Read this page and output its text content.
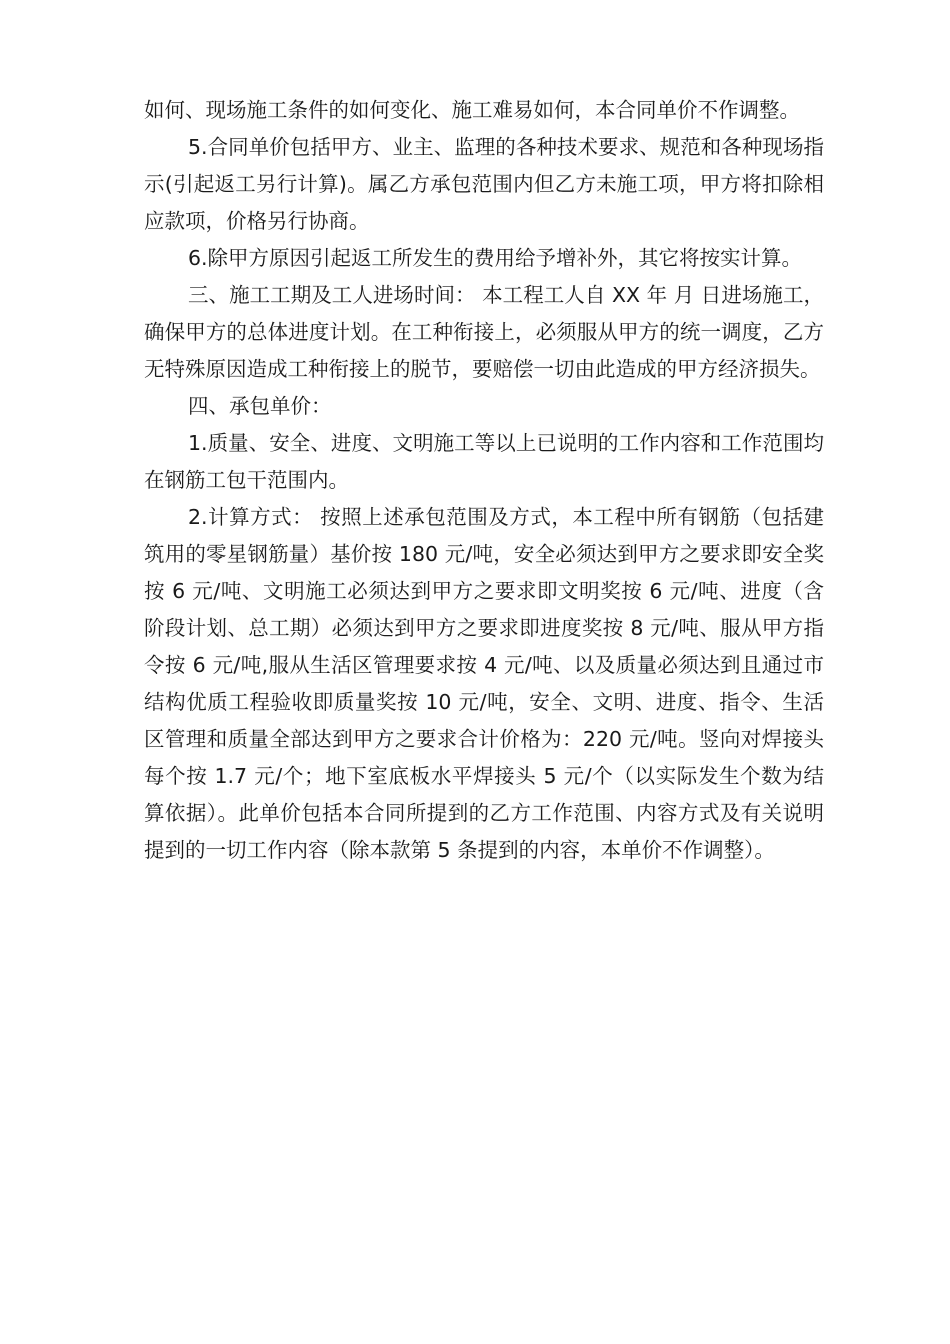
如何、现场施工条件的如何变化、施工难易如何，本合同单价不作调整。

5.合同单价包括甲方、业主、监理的各种技术要求、规范和各种现场指示(引起返工另行计算)。属乙方承包范围内但乙方未施工项，甲方将扣除相应款项，价格另行协商。

6.除甲方原因引起返工所发生的费用给予增补外，其它将按实计算。

三、施工工期及工人进场时间： 本工程工人自 XX 年 月 日进场施工，确保甲方的总体进度计划。在工种衔接上，必须服从甲方的统一调度，乙方无特殊原因造成工种衔接上的脱节，要赔偿一切由此造成的甲方经济损失。

四、承包单价：

1.质量、安全、进度、文明施工等以上已说明的工作内容和工作范围均在钢筋工包干范围内。

2.计算方式： 按照上述承包范围及方式，本工程中所有钢筋（包括建筑用的零星钢筋量）基价按 180 元/吨，安全必须达到甲方之要求即安全奖按 6 元/吨、文明施工必须达到甲方之要求即文明奖按 6 元/吨、进度（含阶段计划、总工期）必须达到甲方之要求即进度奖按 8 元/吨、服从甲方指令按 6 元/吨,服从生活区管理要求按 4 元/吨、以及质量必须达到且通过市结构优质工程验收即质量奖按 10 元/吨，安全、文明、进度、指令、生活区管理和质量全部达到甲方之要求合计价格为：220 元/吨。竖向对焊接头每个按 1.7 元/个；地下室底板水平焊接头 5 元/个（以实际发生个数为结算依据）。此单价包括本合同所提到的乙方工作范围、内容方式及有关说明提到的一切工作内容（除本款第 5 条提到的内容，本单价不作调整）。
